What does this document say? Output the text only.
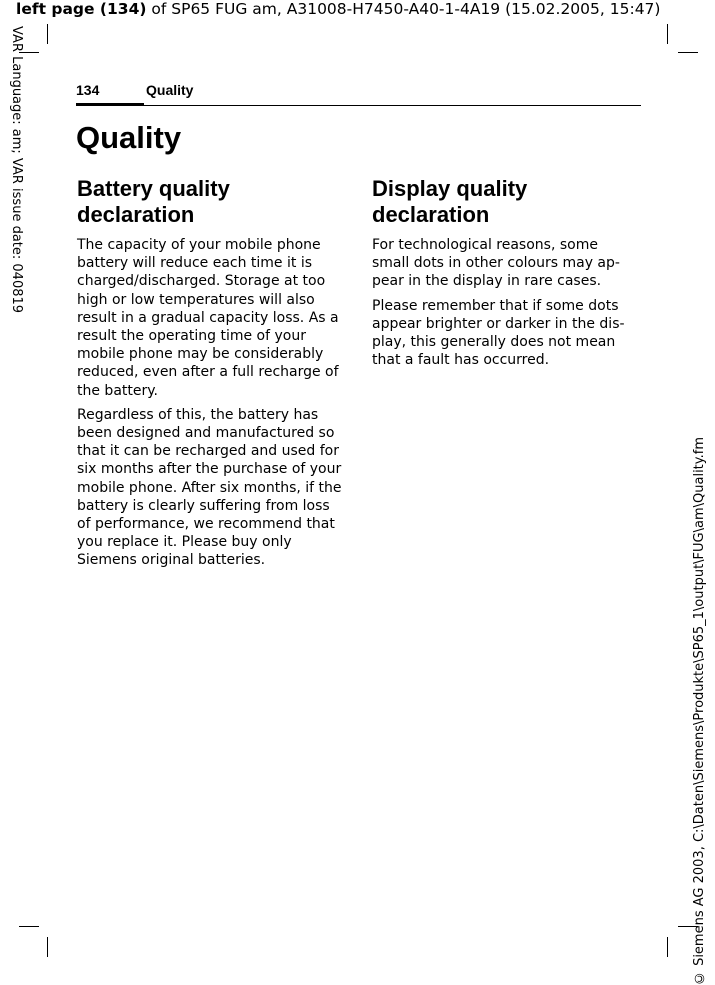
left page (134) of SP65 FUG am, A31008-H7450-A40-1-4A19 (15.02.2005, 15:47)
VAR Language: am; VAR issue date: 040819
© Siemens AG 2003, C:\Daten\Siemens\Produkte\SP65_1\output\FUG\am\Quality.fm
134	Quality
Quality
Battery quality declaration

The capacity of your mobile phone battery will reduce each time it is charged/discharged. Storage at too high or low temperatures will also result in a gradual capacity loss. As a result the operating time of your mobile phone may be considerably reduced, even after a full recharge of the battery.

Regardless of this, the battery has been designed and manufactured so that it can be recharged and used for six months after the purchase of your mobile phone. After six months, if the battery is clearly suffering from loss of performance, we recommend that you replace it. Please buy only Siemens original batteries.

Display quality declaration

For technological reasons, some small dots in other colours may ap-pear in the display in rare cases.

Please remember that if some dots appear brighter or darker in the dis-play, this generally does not mean that a fault has occurred.
